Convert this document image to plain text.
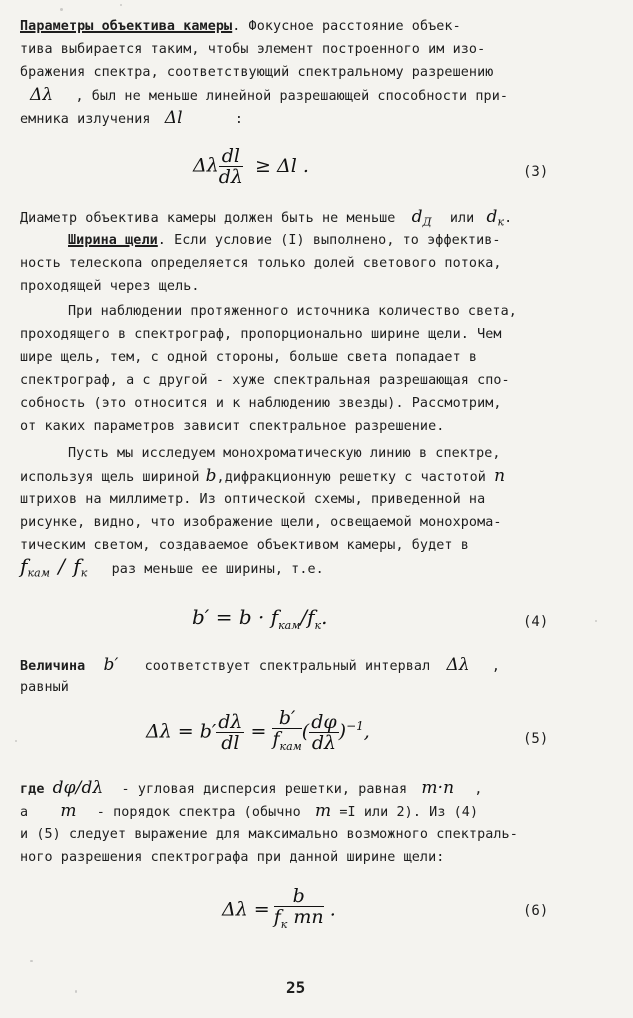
Параметры объектива камеры. Фокусное расстояние объек-
тива выбирается таким, чтобы элемент построенного им изо-
бражения спектра, соответствующий спектральному разрешению
Δλ , был не меньше линейной разрешающей способности при-
емника излучения Δl	:
Δλ $\frac{dl}{d\lambda} \ge \Delta l$ .	(3)
Диаметр объектива камеры должен быть не меньше $d_Д$ или $d_к$.
Ширина щели. Если условие (I) выполнено, то эффектив-
ность телескопа определяется только долей светового потока,
проходящей через щель.
При наблюдении протяженного источника количество света,
проходящего в спектрограф, пропорционально ширине щели. Чем
шире щель, тем, с одной стороны, больше света попадает в
спектрограф, а с другой - хуже спектральная разрешающая спо-
собность (это относится и к наблюдению звезды). Рассмотрим,
от каких параметров зависит спектральное разрешение.
Пусть мы исследуем монохроматическую линию в спектре,
используя щель шириной b,дифракционную решетку с частотой n
штрихов на миллиметр. Из оптической схемы, приведенной на
рисунке, видно, что изображение щели, освещаемой монохрома-
тическим светом, создаваемое объективом камеры, будет в
$f_{кам} / f_к$ раз меньше ее ширины, т.е.
$b' = b \cdot f_{кам}/f_к$.	(4)
Величина b′ соответствует спектральный интервал Δλ ,
равный
$\Delta\lambda = b' \frac{d\lambda}{dl} = \frac{b'}{f_{кам}}$ ( $\frac{d\varphi}{d\lambda} )^{-1}$,	(5)
где dφ/dλ - угловая дисперсия решетки, равная m·n ,
а m - порядок спектра (обычно m =I или 2). Из (4)
и (5) следует выражение для максимально возможного спектраль-
ного разрешения спектрографа при данной ширине щели:
$\Delta\lambda = \frac{b}{f_к mn}$ .	(6)
25
